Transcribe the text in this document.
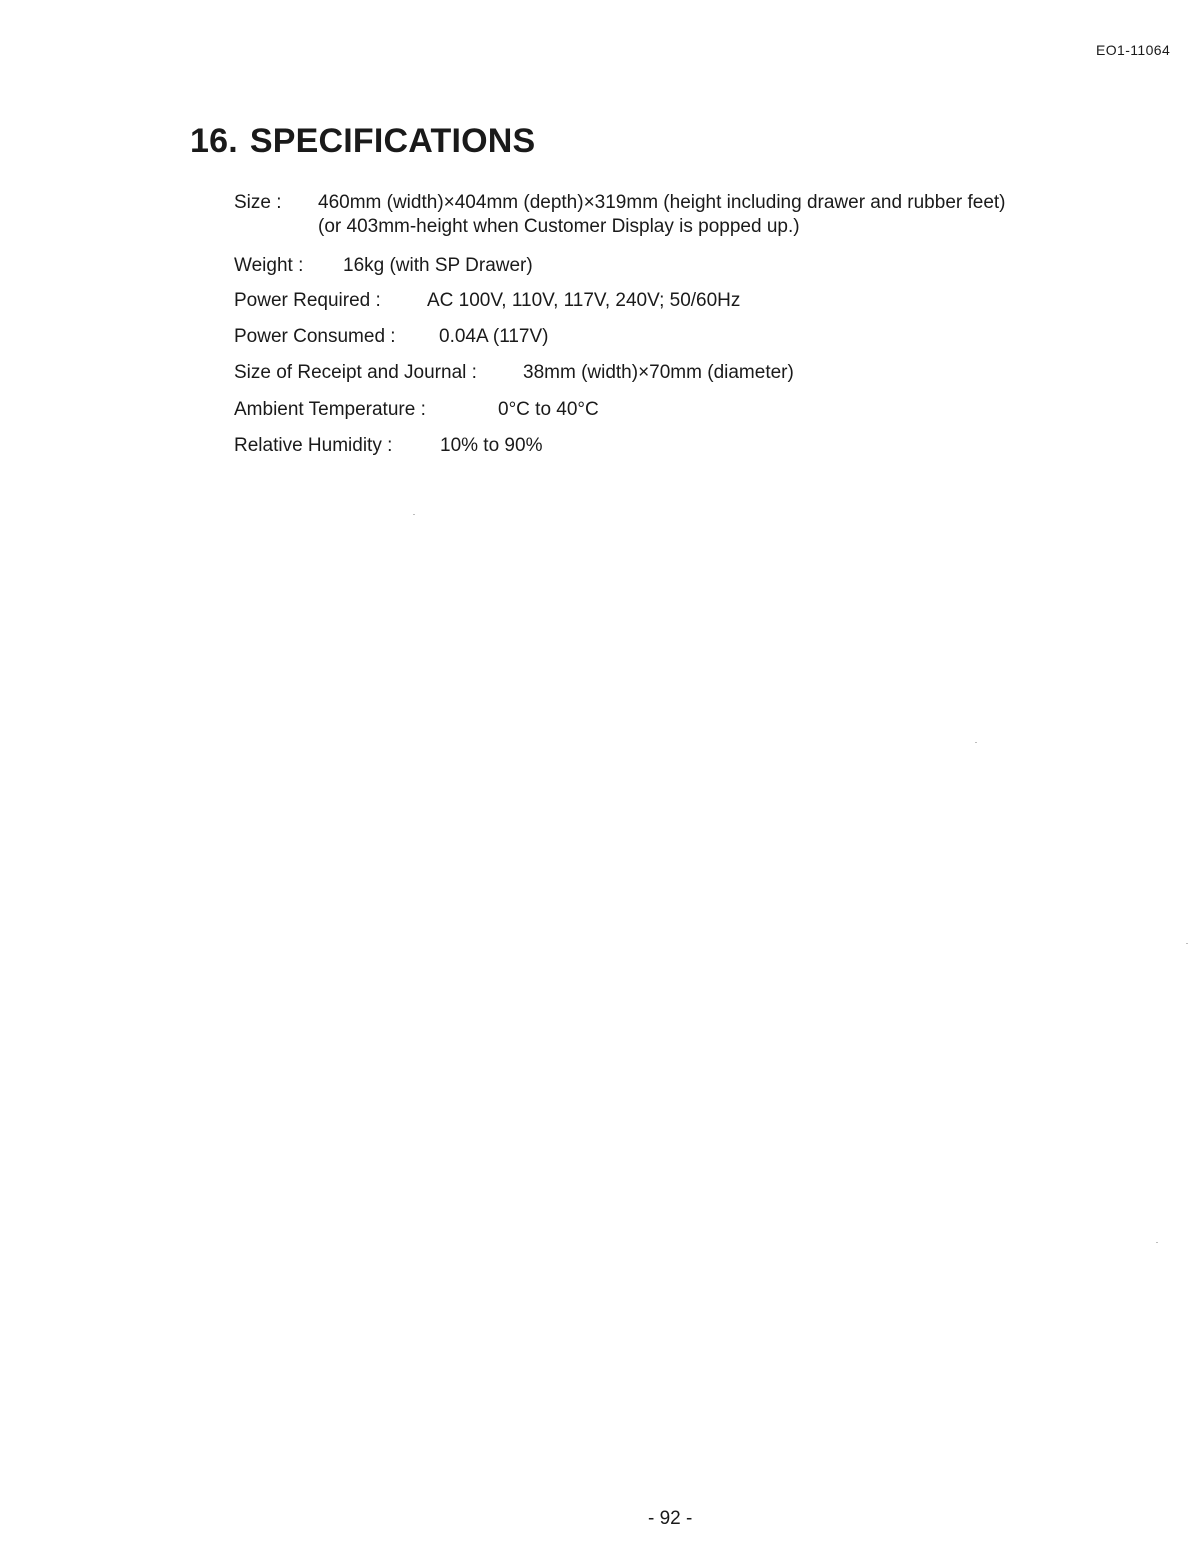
EO1-11064
16. SPECIFICATIONS
Size : 460mm (width)×404mm (depth)×319mm (height including drawer and rubber feet)
(or 403mm-height when Customer Display is popped up.)
Weight : 16kg (with SP Drawer)
Power Required : AC 100V, 110V, 117V, 240V; 50/60Hz
Power Consumed : 0.04A (117V)
Size of Receipt and Journal : 38mm (width)×70mm (diameter)
Ambient Temperature :	0°C to 40°C
Relative Humidity :	10% to 90%
- 92 -
